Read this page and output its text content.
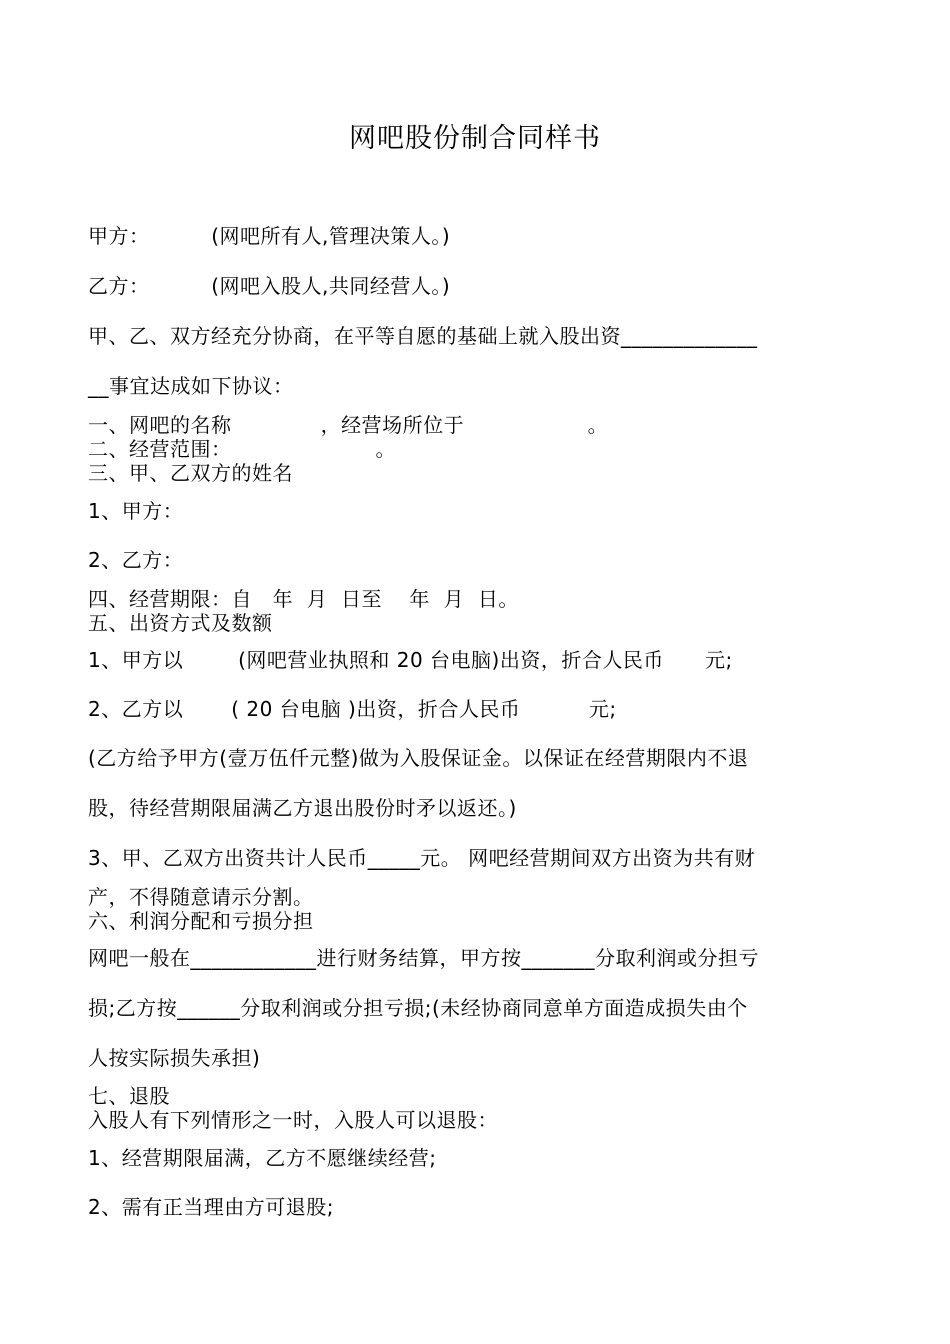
网吧股份制合同样书
甲方：         (网吧所有人,管理决策人。)
乙方：         (网吧入股人,共同经营人。)
甲、乙、双方经充分协商，在平等自愿的基础上就入股出资_____________
__事宜达成如下协议：
一、网吧的名称             ，经营场所位于                  。
二、经营范围：                     。
三、甲、乙双方的姓名
1、甲方：
2、乙方：
四、经营期限：自   年  月  日至    年  月  日。
五、出资方式及数额
1、甲方以        (网吧营业执照和 20 台电脑)出资，折合人民币      元;
2、乙方以       ( 20 台电脑 )出资，折合人民币          元;
(乙方给予甲方(壹万伍仟元整)做为入股保证金。以保证在经营期限内不退
股，待经营期限届满乙方退出股份时矛以返还。)
3、甲、乙双方出资共计人民币_____元。 网吧经营期间双方出资为共有财
产，不得随意请示分割。
六、利润分配和亏损分担
网吧一般在____________进行财务结算，甲方按_______分取利润或分担亏
损;乙方按______分取利润或分担亏损;(未经协商同意单方面造成损失由个
人按实际损失承担)
七、退股
入股人有下列情形之一时，入股人可以退股：
1、经营期限届满，乙方不愿继续经营;
2、需有正当理由方可退股;
